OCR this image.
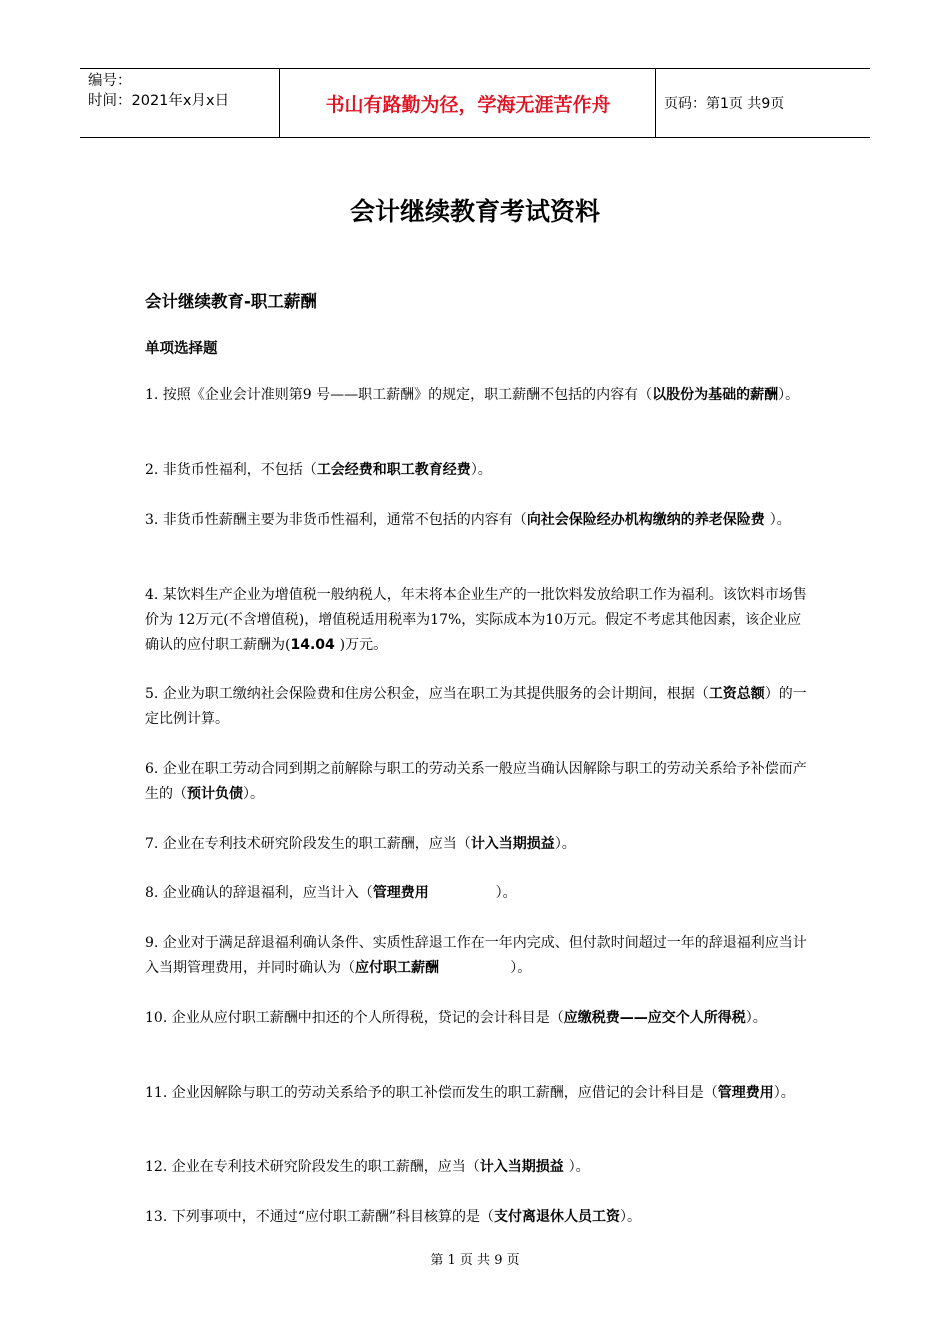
编号：
时间：2021年x月x日	书山有路勤为径，学海无涯苦作舟	页码：第1页 共9页
会计继续教育考试资料
会计继续教育-职工薪酬
单项选择题
1. 按照《企业会计准则第9 号——职工薪酬》的规定，职工薪酬不包括的内容有（以股份为基础的薪酬）。
2. 非货币性福利，不包括（工会经费和职工教育经费）。
3. 非货币性薪酬主要为非货币性福利，通常不包括的内容有（向社会保险经办机构缴纳的养老保险费 ）。
4. 某饮料生产企业为增值税一般纳税人，年末将本企业生产的一批饮料发放给职工作为福利。该饮料市场售价为 12万元(不含增值税)，增值税适用税率为17%，实际成本为10万元。假定不考虑其他因素，该企业应确认的应付职工薪酬为(14.04 )万元。
5. 企业为职工缴纳社会保险费和住房公积金，应当在职工为其提供服务的会计期间，根据（工资总额）的一定比例计算。
6. 企业在职工劳动合同到期之前解除与职工的劳动关系一般应当确认因解除与职工的劳动关系给予补偿而产生的（预计负债）。
7. 企业在专利技术研究阶段发生的职工薪酬，应当（计入当期损益）。
8. 企业确认的辞退福利，应当计入（管理费用               ）。
9. 企业对于满足辞退福利确认条件、实质性辞退工作在一年内完成、但付款时间超过一年的辞退福利应当计入当期管理费用，并同时确认为（应付职工薪酬                ）。
10. 企业从应付职工薪酬中扣还的个人所得税，贷记的会计科目是（应缴税费——应交个人所得税）。
11. 企业因解除与职工的劳动关系给予的职工补偿而发生的职工薪酬，应借记的会计科目是（管理费用）。
12. 企业在专利技术研究阶段发生的职工薪酬，应当（计入当期损益 ）。
13. 下列事项中，不通过“应付职工薪酬”科目核算的是（支付离退休人员工资）。
第 1 页 共 9 页
